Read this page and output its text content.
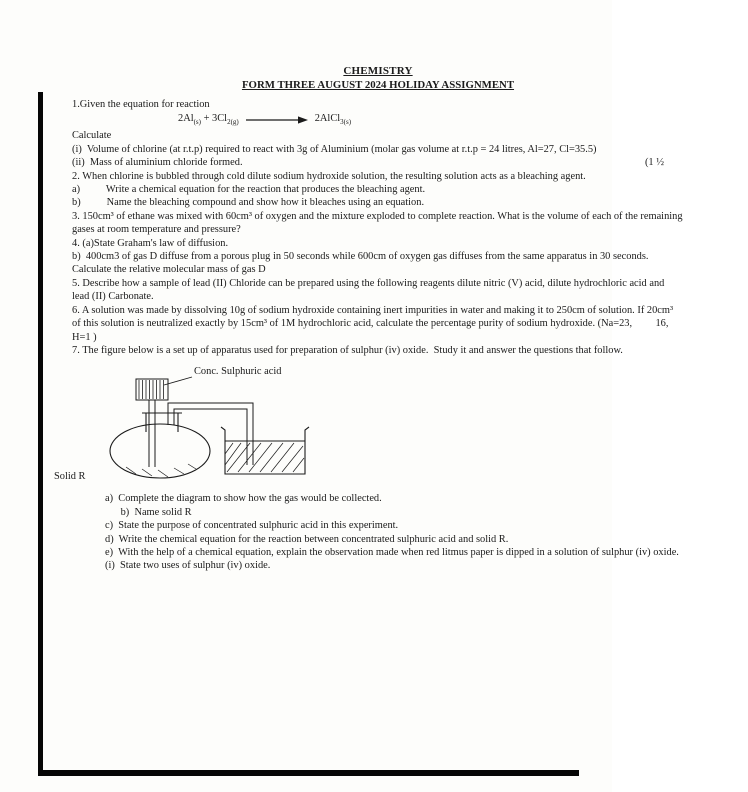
CHEMISTRY
FORM THREE AUGUST 2024 HOLIDAY ASSIGNMENT

1.Given the equation for reaction

$2Al_{(s)} + 3Cl_{2(g)}$	2AlCl$_{3(s)}$

Calculate

(i)  Volume of chlorine (at r.t.p) required to react with 3g of Aluminium (molar gas volume at r.t.p = 24 litres, Al=27, Cl=35.5)

(ii)  Mass of aluminium chloride formed.	(1 ½

2. When chlorine is bubbled through cold dilute sodium hydroxide solution, the resulting solution acts as a bleaching agent.

a)          Write a chemical equation for the reaction that produces the bleaching agent.

b)          Name the bleaching compound and show how it bleaches using an equation.

3. 150cm³ of ethane was mixed with 60cm³ of oxygen and the mixture exploded to complete reaction. What is the volume of each of the remaining gases at room temperature and pressure?

4. (a)State Graham's law of diffusion.

b)  400cm3 of gas D diffuse from a porous plug in 50 seconds while 600cm of oxygen gas diffuses from the same apparatus in 30 seconds. Calculate the relative molecular mass of gas D

5. Describe how a sample of lead (II) Chloride can be prepared using the following reagents dilute nitric (V) acid, dilute hydrochloric acid and lead (II) Carbonate.

6. A solution was made by dissolving 10g of sodium hydroxide containing inert impurities in water and making it to 250cm of solution. If 20cm³ of this solution is neutralized exactly by 15cm³ of 1M hydrochloric acid, calculate the percentage purity of sodium hydroxide. (Na=23,         16, H=1 )

7. The figure below is a set up of apparatus used for preparation of sulphur (iv) oxide.  Study it and answer the questions that follow.

Conc. Sulphuric acid
Solid R

a)  Complete the diagram to show how the gas would be collected.

b)  Name solid R

c)  State the purpose of concentrated sulphuric acid in this experiment.

d)  Write the chemical equation for the reaction between concentrated sulphuric acid and solid R.

e)  With the help of a chemical equation, explain the observation made when red litmus paper is dipped in a solution of sulphur (iv) oxide.

(i)  State two uses of sulphur (iv) oxide.
